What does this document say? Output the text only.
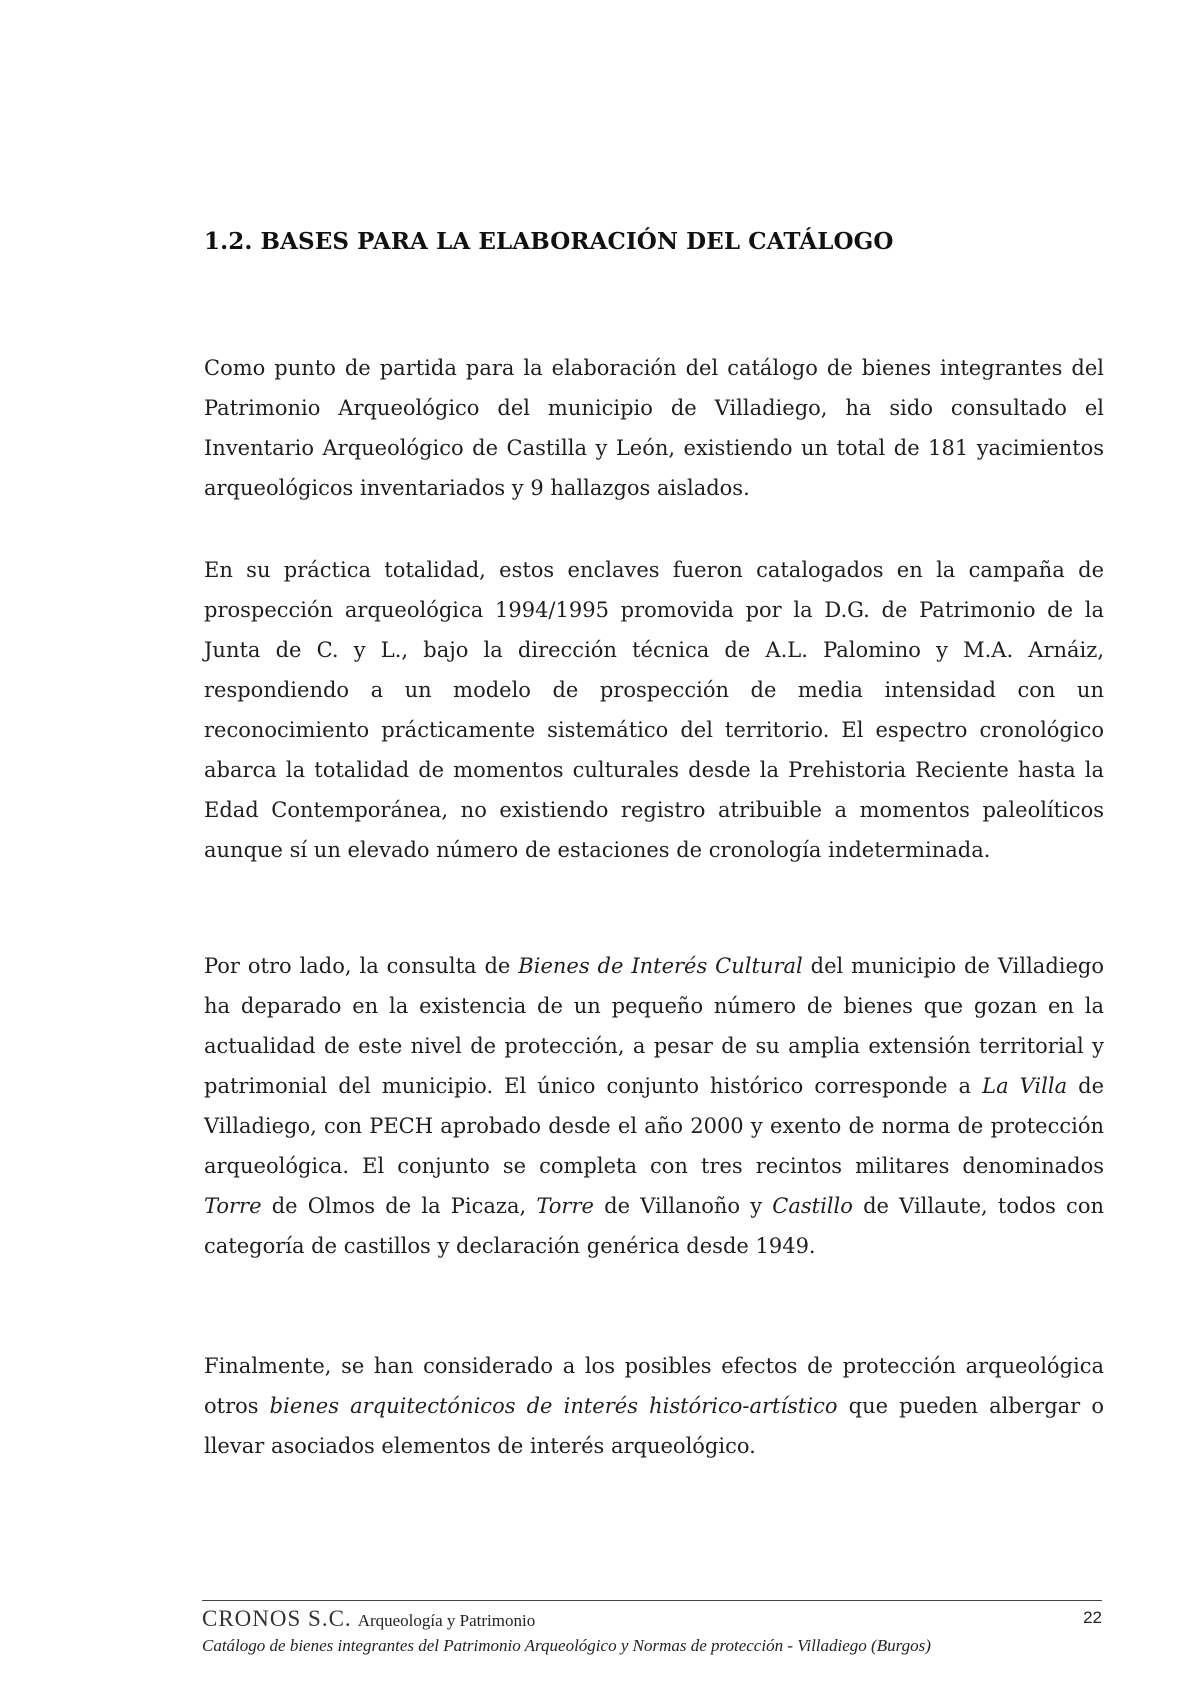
1.2. BASES PARA LA ELABORACIÓN DEL CATÁLOGO

Como punto de partida para la elaboración del catálogo de bienes integrantes del Patrimonio Arqueológico del municipio de Villadiego, ha sido consultado el Inventario Arqueológico de Castilla y León, existiendo un total de 181 yacimientos arqueológicos inventariados y 9 hallazgos aislados.

En su práctica totalidad, estos enclaves fueron catalogados en la campaña de prospección arqueológica 1994/1995 promovida por la D.G. de Patrimonio de la Junta de C. y L., bajo la dirección técnica de A.L. Palomino y M.A. Arnáiz, respondiendo a un modelo de prospección de media intensidad con un reconocimiento prácticamente sistemático del territorio. El espectro cronológico abarca la totalidad de momentos culturales desde la Prehistoria Reciente hasta la Edad Contemporánea, no existiendo registro atribuible a momentos paleolíticos aunque sí un elevado número de estaciones de cronología indeterminada.

Por otro lado, la consulta de Bienes de Interés Cultural del municipio de Villadiego ha deparado en la existencia de un pequeño número de bienes que gozan en la actualidad de este nivel de protección, a pesar de su amplia extensión territorial y patrimonial del municipio. El único conjunto histórico corresponde a La Villa de Villadiego, con PECH aprobado desde el año 2000 y exento de norma de protección arqueológica. El conjunto se completa con tres recintos militares denominados Torre de Olmos de la Picaza, Torre de Villanoño y Castillo de Villaute, todos con categoría de castillos y declaración genérica desde 1949.

Finalmente, se han considerado a los posibles efectos de protección arqueológica otros bienes arquitectónicos de interés histórico-artístico que pueden albergar o llevar asociados elementos de interés arqueológico.

CRONOS S.C. Arqueología y Patrimonio	22
Catálogo de bienes integrantes del Patrimonio Arqueológico y Normas de protección - Villadiego (Burgos)
